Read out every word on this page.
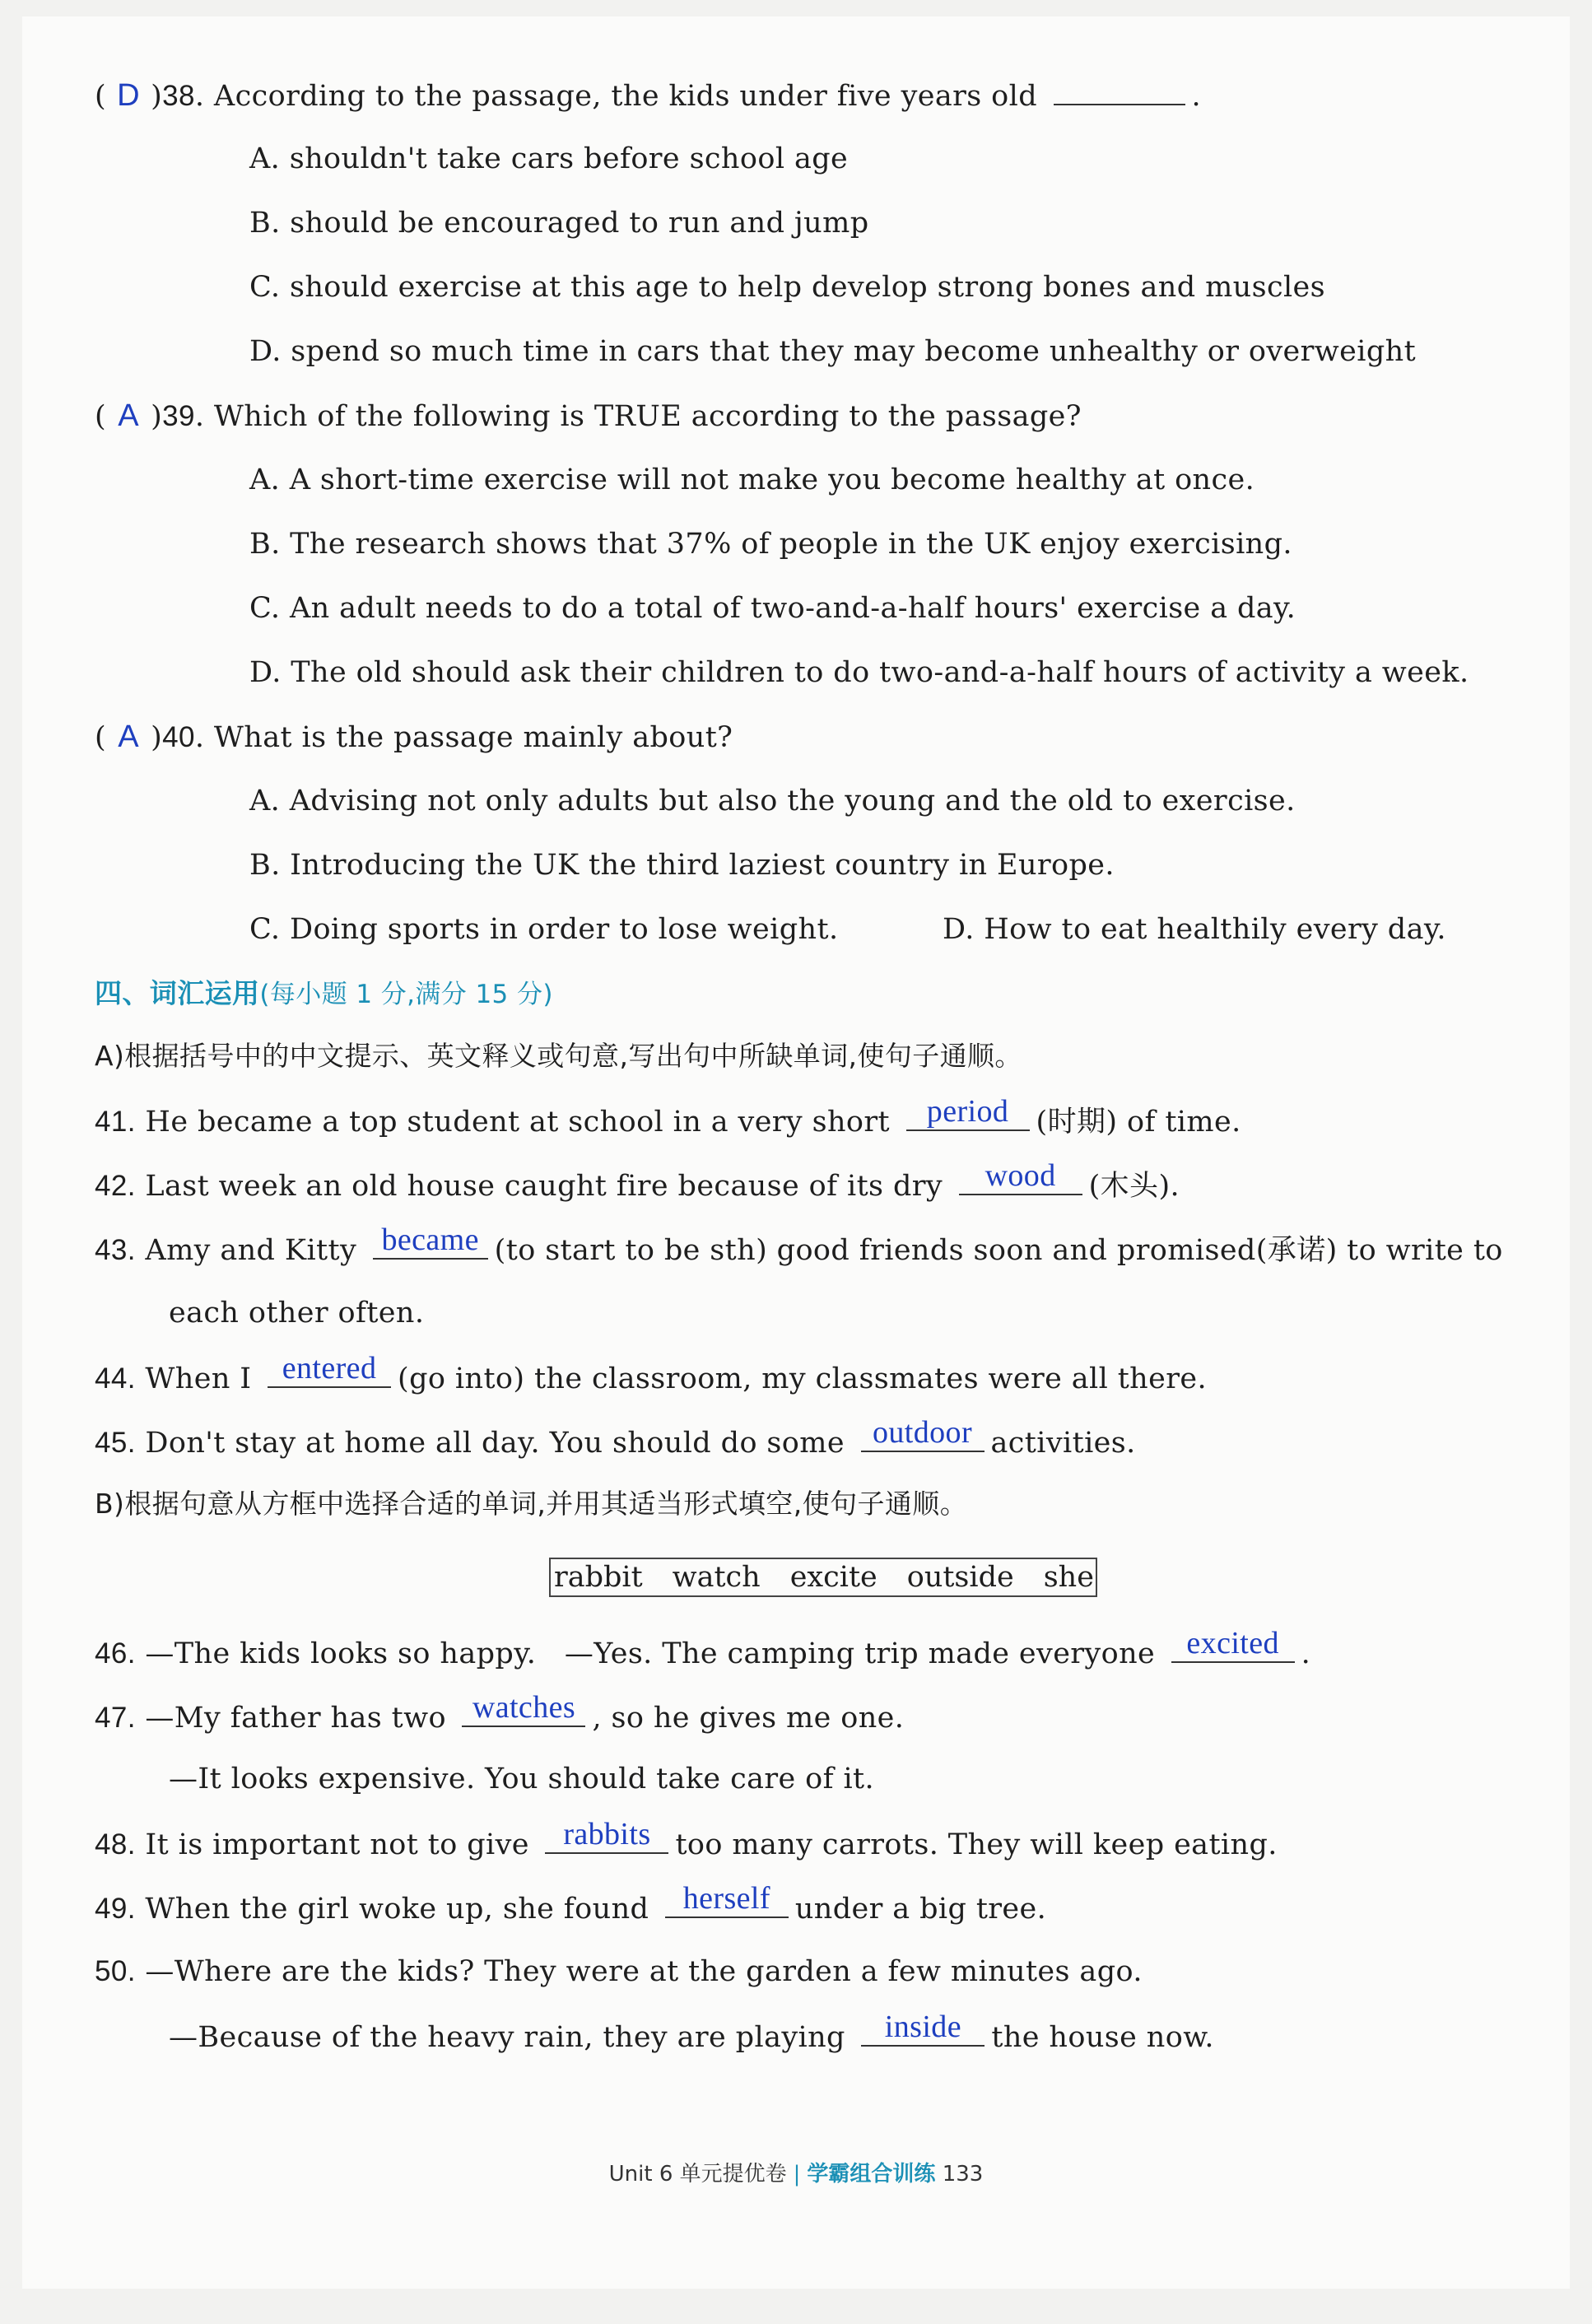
( D )38. According to the passage, the kids under five years old	.
A. shouldn't take cars before school age
B. should be encouraged to run and jump
C. should exercise at this age to help develop strong bones and muscles
D. spend so much time in cars that they may become unhealthy or overweight
( A )39. Which of the following is TRUE according to the passage?
A. A short-time exercise will not make you become healthy at once.
B. The research shows that 37% of people in the UK enjoy exercising.
C. An adult needs to do a total of two-and-a-half hours' exercise a day.
D. The old should ask their children to do two-and-a-half hours of activity a week.
( A )40. What is the passage mainly about?
A. Advising not only adults but also the young and the old to exercise.
B. Introducing the UK the third laziest country in Europe.
C. Doing sports in order to lose weight.	D. How to eat healthily every day.
四、词汇运用(每小题 1 分,满分 15 分)
A)根据括号中的中文提示、英文释义或句意,写出句中所缺单词,使句子通顺。
41. He became a top student at school in a very short	period (时期) of time.
42. Last week an old house caught fire because of its dry	wood	(木头).
43. Amy and Kitty became (to start to be sth) good friends soon and promised(承诺) to write to
each other often.
44. When I entered (go into) the classroom, my classmates were all there.
45. Don't stay at home all day. You should do some outdoor activities.
B)根据句意从方框中选择合适的单词,并用其适当形式填空,使句子通顺。
rabbit watch excite outside she
46. —The kids looks so happy.   —Yes. The camping trip made everyone	excited .
47. —My father has two watches , so he gives me one.
—It looks expensive. You should take care of it.
48. It is important not to give	rabbits too many carrots. They will keep eating.
49. When the girl woke up, she found	herself under a big tree.
50. —Where are the kids? They were at the garden a few minutes ago.
—Because of the heavy rain, they are playing	inside	the house now.
Unit 6 单元提优卷 | 学霸组合训练 133
